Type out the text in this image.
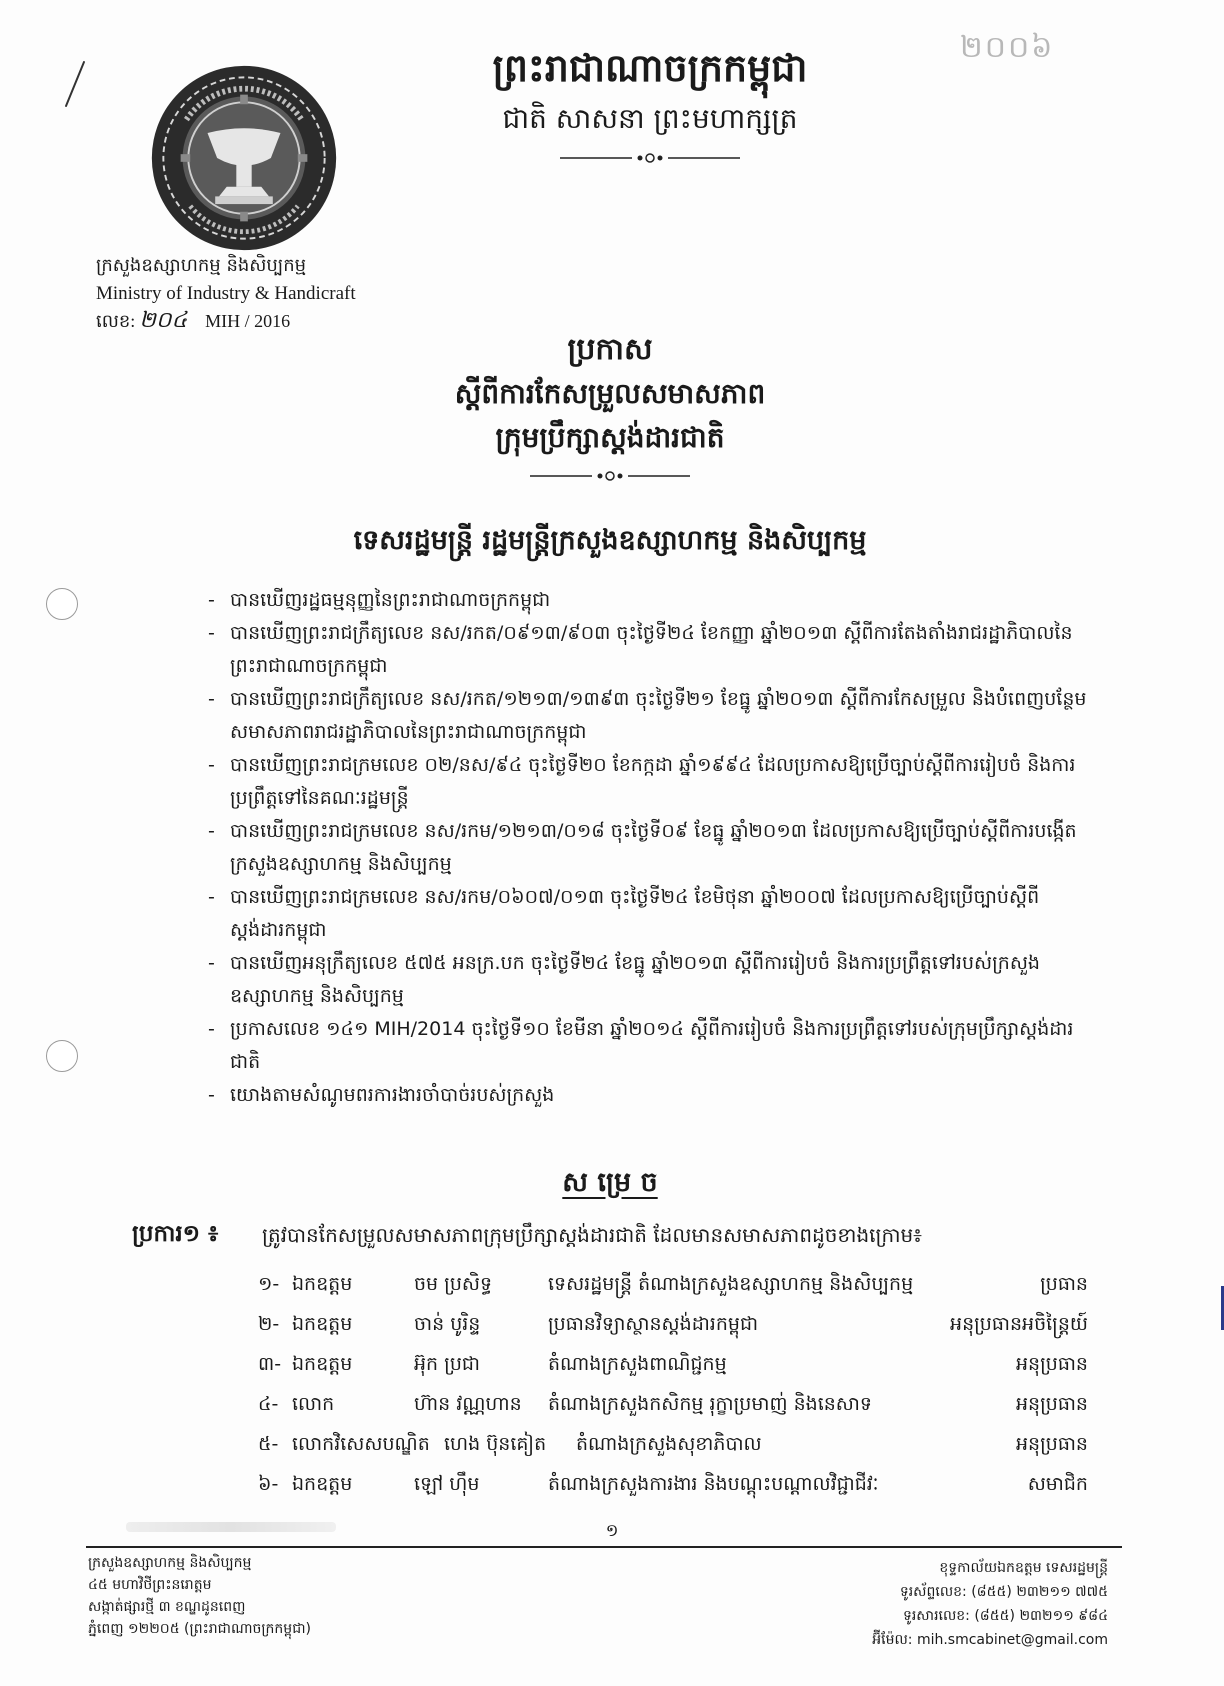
២០០៦
ព្រះរាជាណាចក្រកម្ពុជា
ជាតិ សាសនា ព្រះមហាក្សត្រ
ក្រសួងឧស្សាហកម្ម និងសិប្បកម្ម
Ministry of Industry & Handicraft
លេខ: ២០៤ MIH / 2016
ប្រកាស
ស្តីពីការកែសម្រួលសមាសភាព
ក្រុមប្រឹក្សាស្តង់ដារជាតិ
ទេសរដ្ឋមន្ត្រី រដ្ឋមន្ត្រីក្រសួងឧស្សាហកម្ម និងសិប្បកម្ម
- បានឃើញរដ្ឋធម្មនុញ្ញនៃព្រះរាជាណាចក្រកម្ពុជា
- បានឃើញព្រះរាជក្រឹត្យលេខ នស/រកត/០៩១៣/៩០៣ ចុះថ្ងៃទី២៤ ខែកញ្ញា ឆ្នាំ២០១៣ ស្តីពីការតែងតាំងរាជរដ្ឋាភិបាលនៃព្រះរាជាណាចក្រកម្ពុជា
- បានឃើញព្រះរាជក្រឹត្យលេខ នស/រកត/១២១៣/១៣៩៣ ចុះថ្ងៃទី២១ ខែធ្នូ ឆ្នាំ២០១៣ ស្តីពីការកែសម្រួល និងបំពេញបន្ថែមសមាសភាពរាជរដ្ឋាភិបាលនៃព្រះរាជាណាចក្រកម្ពុជា
- បានឃើញព្រះរាជក្រមលេខ ០២/នស/៩៤ ចុះថ្ងៃទី២០ ខែកក្កដា ឆ្នាំ១៩៩៤ ដែលប្រកាសឱ្យប្រើច្បាប់ស្តីពីការរៀបចំ និងការប្រព្រឹត្តទៅនៃគណៈរដ្ឋមន្ត្រី
- បានឃើញព្រះរាជក្រមលេខ នស/រកម/១២១៣/០១៨ ចុះថ្ងៃទី០៩ ខែធ្នូ ឆ្នាំ២០១៣ ដែលប្រកាសឱ្យប្រើច្បាប់ស្តីពីការបង្កើតក្រសួងឧស្សាហកម្ម និងសិប្បកម្ម
- បានឃើញព្រះរាជក្រមលេខ នស/រកម/០៦០៧/០១៣ ចុះថ្ងៃទី២៤ ខែមិថុនា ឆ្នាំ២០០៧ ដែលប្រកាសឱ្យប្រើច្បាប់ស្តីពីស្តង់ដារកម្ពុជា
- បានឃើញអនុក្រឹត្យលេខ ៥៧៥ អនក្រ.បក ចុះថ្ងៃទី២៤ ខែធ្នូ ឆ្នាំ២០១៣ ស្តីពីការរៀបចំ និងការប្រព្រឹត្តទៅរបស់ក្រសួងឧស្សាហកម្ម និងសិប្បកម្ម
- ប្រកាសលេខ ១៤១ MIH/2014 ចុះថ្ងៃទី១០ ខែមីនា ឆ្នាំ២០១៤ ស្តីពីការរៀបចំ និងការប្រព្រឹត្តទៅរបស់ក្រុមប្រឹក្សាស្តង់ដារជាតិ
- យោងតាមសំណូមពរការងារចាំបាច់របស់ក្រសួង
ស ម្រេ ច
ប្រការ១ ៖ ត្រូវបានកែសម្រួលសមាសភាពក្រុមប្រឹក្សាស្តង់ដារជាតិ ដែលមានសមាសភាពដូចខាងក្រោម៖
១- ឯកឧត្តម	ចម ប្រសិទ្ធ	ទេសរដ្ឋមន្ត្រី តំណាងក្រសួងឧស្សាហកម្ម និងសិប្បកម្ម	ប្រធាន
២- ឯកឧត្តម	ចាន់ បូរិន្ទ	ប្រធានវិទ្យាស្ថានស្តង់ដារកម្ពុជា	អនុប្រធានអចិន្ត្រៃយ៍
៣- ឯកឧត្តម	អ៊ុក ប្រជា	តំណាងក្រសួងពាណិជ្ជកម្ម	អនុប្រធាន
៤- លោក	ហ៊ាន វណ្ណហាន តំណាងក្រសួងកសិកម្ម រុក្ខាប្រមាញ់ និងនេសាទ	អនុប្រធាន
៥- លោកវិសេសបណ្ឌិត ហេង ប៊ុនគៀត តំណាងក្រសួងសុខាភិបាល	អនុប្រធាន
៦- ឯកឧត្តម	ឡៅ ហ៊ឹម	តំណាងក្រសួងការងារ និងបណ្តុះបណ្តាលវិជ្ជាជីវៈ	សមាជិក
១
ក្រសួងឧស្សាហកម្ម និងសិប្បកម្ម
៤៥ មហាវិថីព្រះនរោត្តម
សង្កាត់ផ្សារថ្មី ៣ ខណ្ឌដូនពេញ
ភ្នំពេញ ១២២០៥ (ព្រះរាជាណាចក្រកម្ពុជា)
ខុទ្ទកាល័យឯកឧត្តម ទេសរដ្ឋមន្ត្រី
ទូរស័ព្ទលេខ: (៨៥៥) ២៣២១១ ៧៧៥
ទូរសារលេខ: (៨៥៥) ២៣២១១ ៩៨៤
អ៊ីម៉ែល: mih.smcabinet@gmail.com
